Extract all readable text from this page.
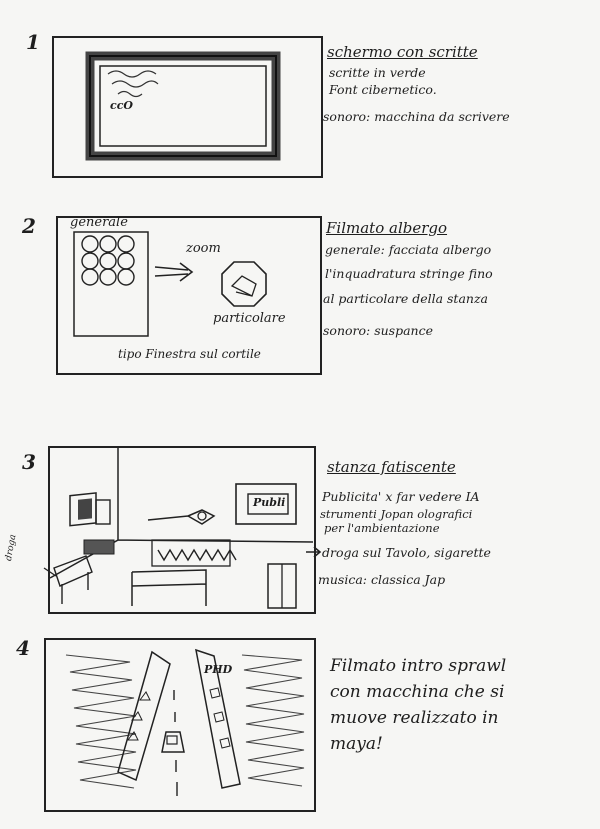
1
ccO
schermo con scritte
scritte in verde
Font cibernetico.
sonoro: macchina da scrivere
2	generale
zoom
particolare
tipo Finestra sul cortile
Filmato albergo
generale: facciata albergo
l'inquadratura stringe fino
al particolare della stanza
sonoro: suspance
3
Publi
droga
stanza fatiscente
Publicita' x far vedere IA
strumenti Jopan olografici
per l'ambientazione
droga sul Tavolo, sigarette
musica: classica Jap
4
PHD	Filmato intro sprawl
con macchina che si
muove realizzato in
maya!
